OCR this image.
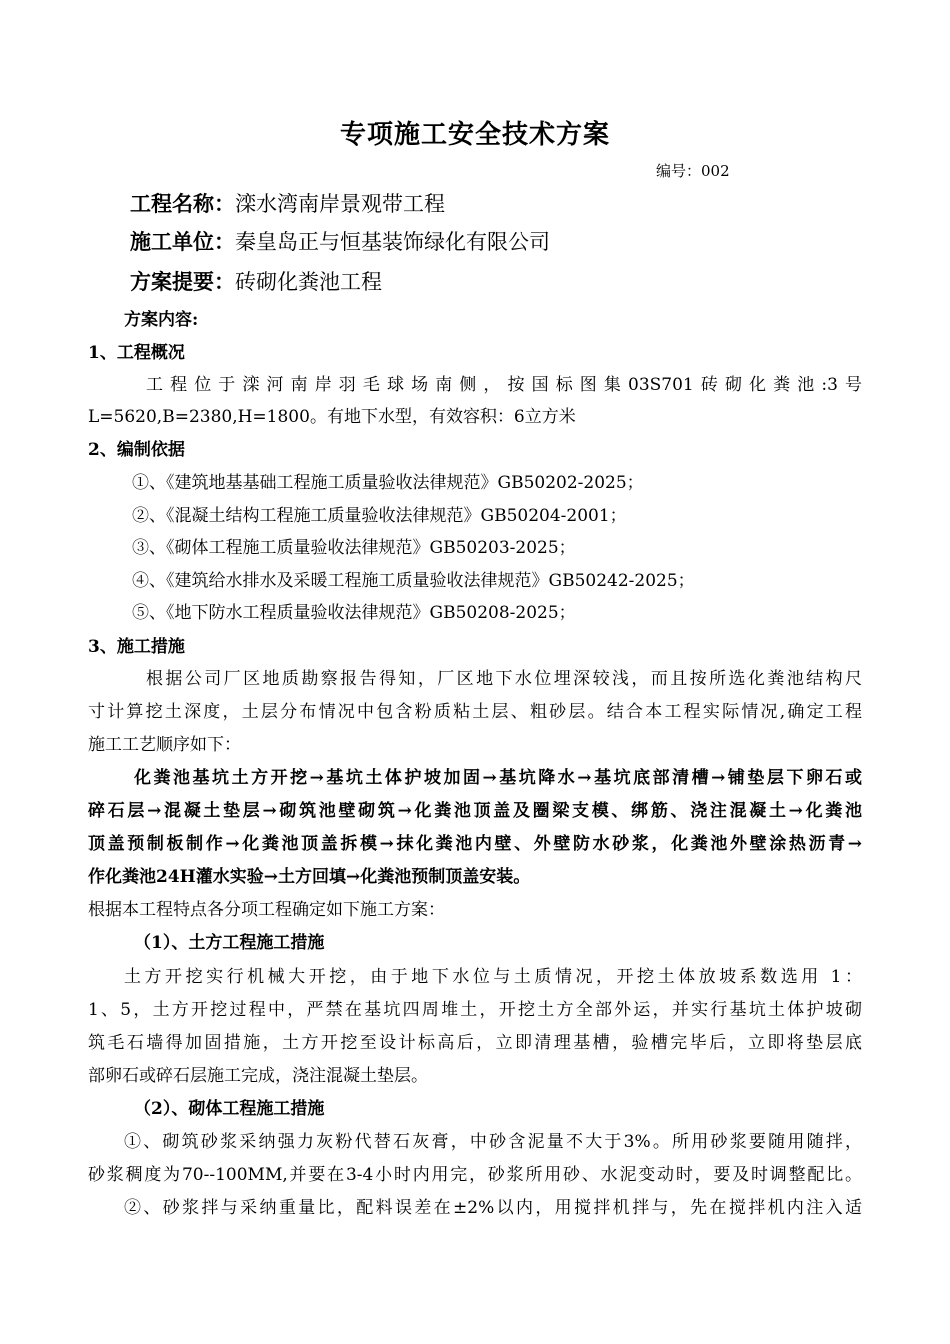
专项施工安全技术方案
编号：002
工程名称：滦水湾南岸景观带工程
施工单位：秦皇岛正与恒基装饰绿化有限公司
方案提要：砖砌化粪池工程
方案内容:
1、工程概况
工程位于滦河南岸羽毛球场南侧，按国标图集03S701砖砌化粪池:3号
L=5620,B=2380,H=1800。有地下水型，有效容积：6立方米
2、编制依据
①、《建筑地基基础工程施工质量验收法律规范》GB50202-2025；
②、《混凝土结构工程施工质量验收法律规范》GB50204-2001；
③、《砌体工程施工质量验收法律规范》GB50203-2025；
④、《建筑给水排水及采暖工程施工质量验收法律规范》GB50242-2025；
⑤、《地下防水工程质量验收法律规范》GB50208-2025；
3、施工措施
根据公司厂区地质勘察报告得知，厂区地下水位埋深较浅，而且按所选化粪池结构尺
寸计算挖土深度，土层分布情况中包含粉质粘土层、粗砂层。结合本工程实际情况,确定工程
施工工艺顺序如下：
化粪池基坑土方开挖→基坑土体护坡加固→基坑降水→基坑底部清槽→铺垫层下卵石或
碎石层→混凝土垫层→砌筑池壁砌筑→化粪池顶盖及圈梁支模、绑筋、浇注混凝土→化粪池
顶盖预制板制作→化粪池顶盖拆模→抹化粪池内壁、外壁防水砂浆，化粪池外壁涂热沥青→
作化粪池24H灌水实验→土方回填→化粪池预制顶盖安装。
根据本工程特点各分项工程确定如下施工方案：
（1）、土方工程施工措施
土方开挖实行机械大开挖，由于地下水位与土质情况，开挖土体放坡系数选用 1：
1、5，土方开挖过程中，严禁在基坑四周堆土，开挖土方全部外运，并实行基坑土体护坡砌
筑毛石墙得加固措施，土方开挖至设计标高后，立即清理基槽，验槽完毕后，立即将垫层底
部卵石或碎石层施工完成，浇注混凝土垫层。
（2）、砌体工程施工措施
①、砌筑砂浆采纳强力灰粉代替石灰膏，中砂含泥量不大于3%。所用砂浆要随用随拌，
砂浆稠度为70--100MM,并要在3-4小时内用完，砂浆所用砂、水泥变动时，要及时调整配比。
②、砂浆拌与采纳重量比，配料误差在±2%以内，用搅拌机拌与，先在搅拌机内注入适
